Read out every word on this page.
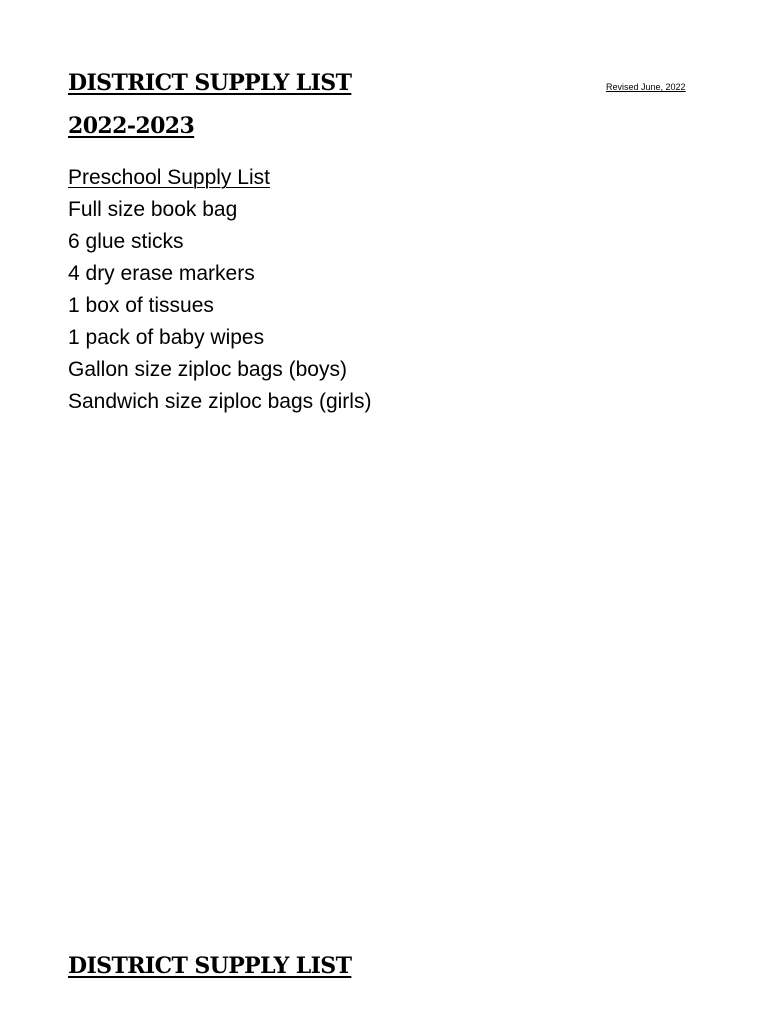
DISTRICT SUPPLY LIST	Revised June, 2022
2022-2023
Preschool Supply List
Full size book bag
6 glue sticks
4 dry erase markers
1 box of tissues
1 pack of baby wipes
Gallon size ziploc bags (boys)
Sandwich size ziploc bags (girls)
DISTRICT SUPPLY LIST
